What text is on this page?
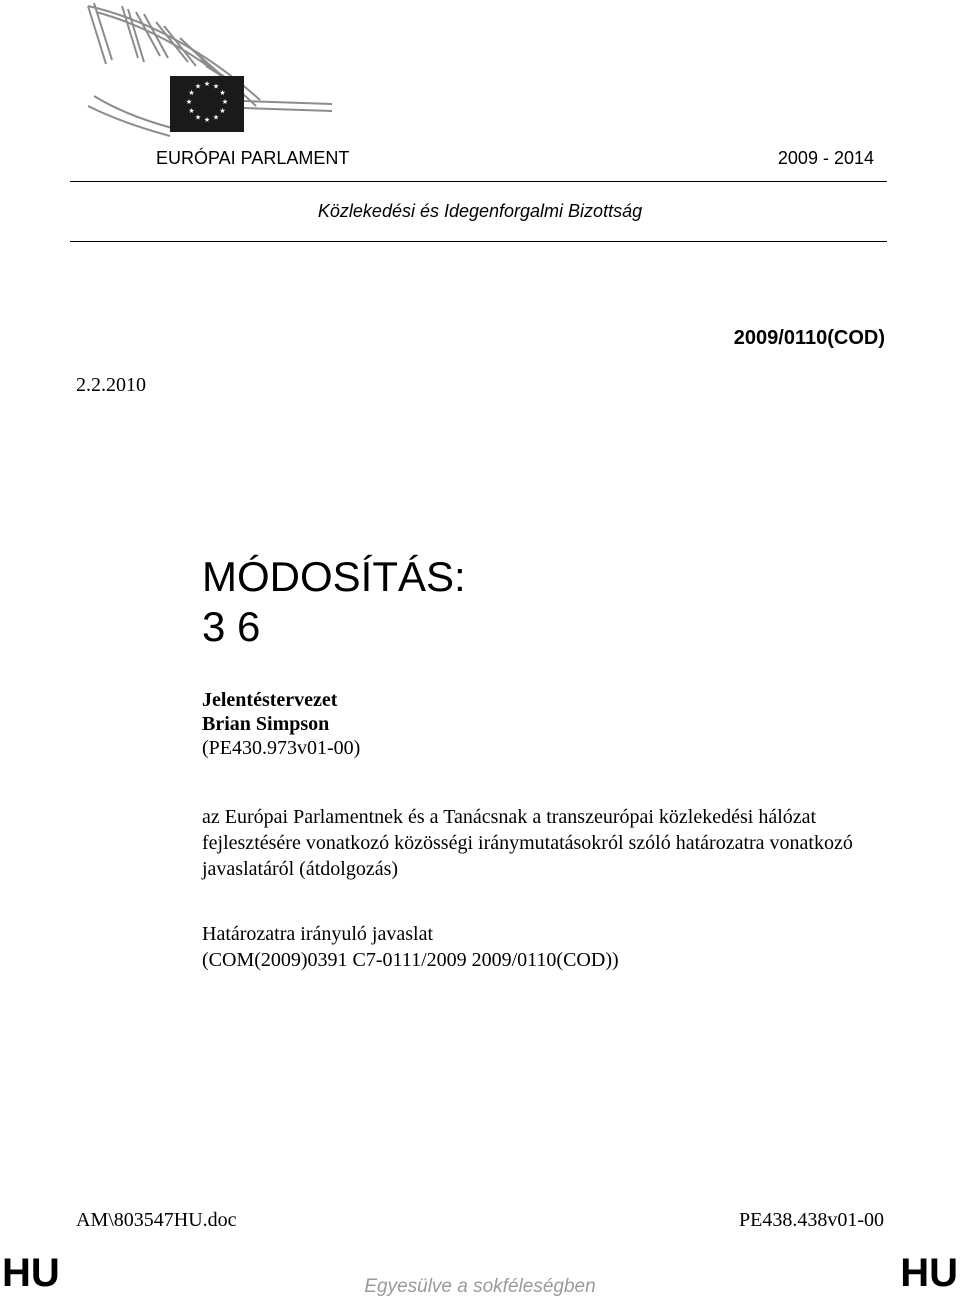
★ ★
★
★
★
★
★
★
★
★
★
★
EURÓPAI PARLAMENT	2009 - 2014
Közlekedési és Idegenforgalmi Bizottság
2009/0110(COD)
2.2.2010
MÓDOSÍTÁS:
3 6
Jelentéstervezet
Brian Simpson
(PE430.973v01-00)
az Európai Parlamentnek és a Tanácsnak a transzeurópai közlekedési hálózat fejlesztésére vonatkozó közösségi iránymutatásokról szóló határozatra vonatkozó javaslatáról (átdolgozás)
Határozatra irányuló javaslat
(COM(2009)0391 C7-0111/2009 2009/0110(COD))
AM\803547HU.doc	PE438.438v01-00
HU	Egyesülve a sokféleségben	HU
